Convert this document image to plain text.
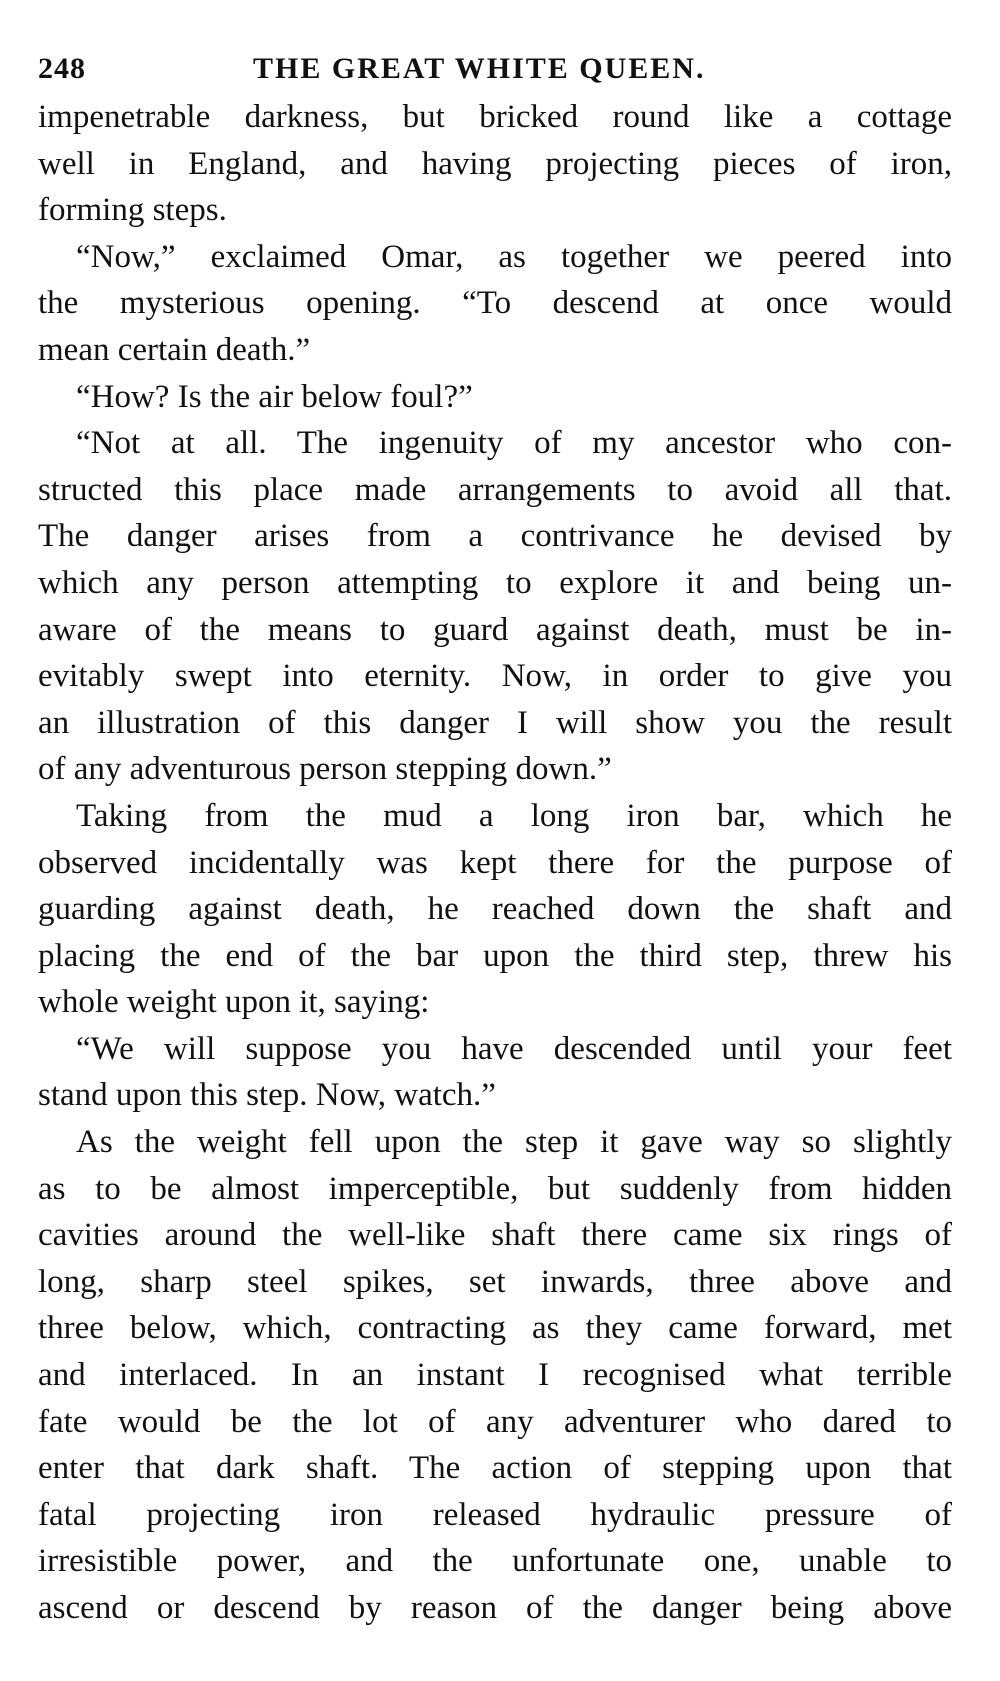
248	THE GREAT WHITE QUEEN.
impenetrable darkness, but bricked round like a cottage
well in England, and having projecting pieces of iron,
forming steps.
“Now,” exclaimed Omar, as together we peered into
the mysterious opening. “To descend at once would
mean certain death.”
“How? Is the air below foul?”
“Not at all. The ingenuity of my ancestor who con-
structed this place made arrangements to avoid all that.
The danger arises from a contrivance he devised by
which any person attempting to explore it and being un-
aware of the means to guard against death, must be in-
evitably swept into eternity. Now, in order to give you
an illustration of this danger I will show you the result
of any adventurous person stepping down.”
Taking from the mud a long iron bar, which he
observed incidentally was kept there for the purpose of
guarding against death, he reached down the shaft and
placing the end of the bar upon the third step, threw his
whole weight upon it, saying:
“We will suppose you have descended until your feet
stand upon this step. Now, watch.”
As the weight fell upon the step it gave way so slightly
as to be almost imperceptible, but suddenly from hidden
cavities around the well-like shaft there came six rings of
long, sharp steel spikes, set inwards, three above and
three below, which, contracting as they came forward, met
and interlaced. In an instant I recognised what terrible
fate would be the lot of any adventurer who dared to
enter that dark shaft. The action of stepping upon that
fatal projecting iron released hydraulic pressure of
irresistible power, and the unfortunate one, unable to
ascend or descend by reason of the danger being above
